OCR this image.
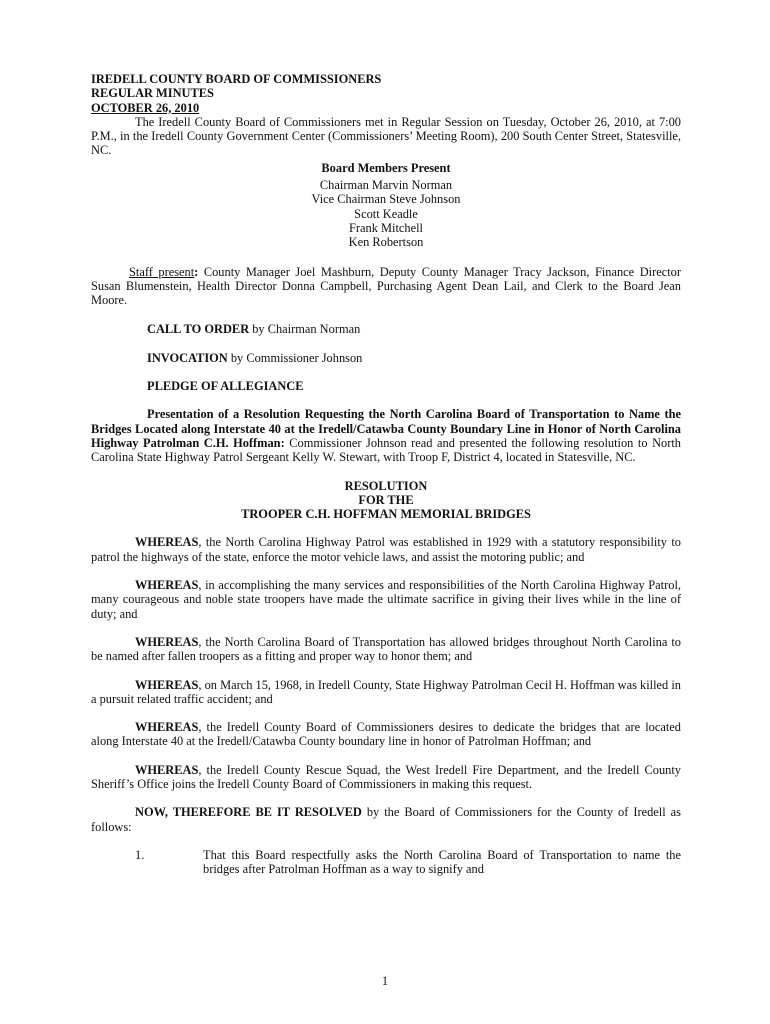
IREDELL COUNTY BOARD OF COMMISSIONERS

REGULAR MINUTES

OCTOBER 26, 2010

The Iredell County Board of Commissioners met in Regular Session on Tuesday, October 26, 2010, at 7:00 P.M., in the Iredell County Government Center (Commissioners’ Meeting Room), 200 South Center Street, Statesville, NC.

Board Members Present

Chairman Marvin Norman

Vice Chairman Steve Johnson

Scott Keadle

Frank Mitchell

Ken Robertson

Staff present: County Manager Joel Mashburn, Deputy County Manager Tracy Jackson, Finance Director Susan Blumenstein, Health Director Donna Campbell, Purchasing Agent Dean Lail, and Clerk to the Board Jean Moore.

CALL TO ORDER by Chairman Norman

INVOCATION by Commissioner Johnson

PLEDGE OF ALLEGIANCE

Presentation of a Resolution Requesting the North Carolina Board of Transportation to Name the Bridges Located along Interstate 40 at the Iredell/Catawba County Boundary Line in Honor of North Carolina Highway Patrolman C.H. Hoffman: Commissioner Johnson read and presented the following resolution to North Carolina State Highway Patrol Sergeant Kelly W. Stewart, with Troop F, District 4, located in Statesville, NC.

RESOLUTION

FOR THE

TROOPER C.H. HOFFMAN MEMORIAL BRIDGES

WHEREAS, the North Carolina Highway Patrol was established in 1929 with a statutory responsibility to patrol the highways of the state, enforce the motor vehicle laws, and assist the motoring public; and

WHEREAS, in accomplishing the many services and responsibilities of the North Carolina Highway Patrol, many courageous and noble state troopers have made the ultimate sacrifice in giving their lives while in the line of duty; and

WHEREAS, the North Carolina Board of Transportation has allowed bridges throughout North Carolina to be named after fallen troopers as a fitting and proper way to honor them; and

WHEREAS, on March 15, 1968, in Iredell County, State Highway Patrolman Cecil H. Hoffman was killed in a pursuit related traffic accident; and

WHEREAS, the Iredell County Board of Commissioners desires to dedicate the bridges that are located along Interstate 40 at the Iredell/Catawba County boundary line in honor of Patrolman Hoffman; and

WHEREAS, the Iredell County Rescue Squad, the West Iredell Fire Department, and the Iredell County Sheriff’s Office joins the Iredell County Board of Commissioners in making this request.

NOW, THEREFORE BE IT RESOLVED by the Board of Commissioners for the County of Iredell as follows:

1.	That this Board respectfully asks the North Carolina Board of Transportation to name the bridges after Patrolman Hoffman as a way to signify and
1
